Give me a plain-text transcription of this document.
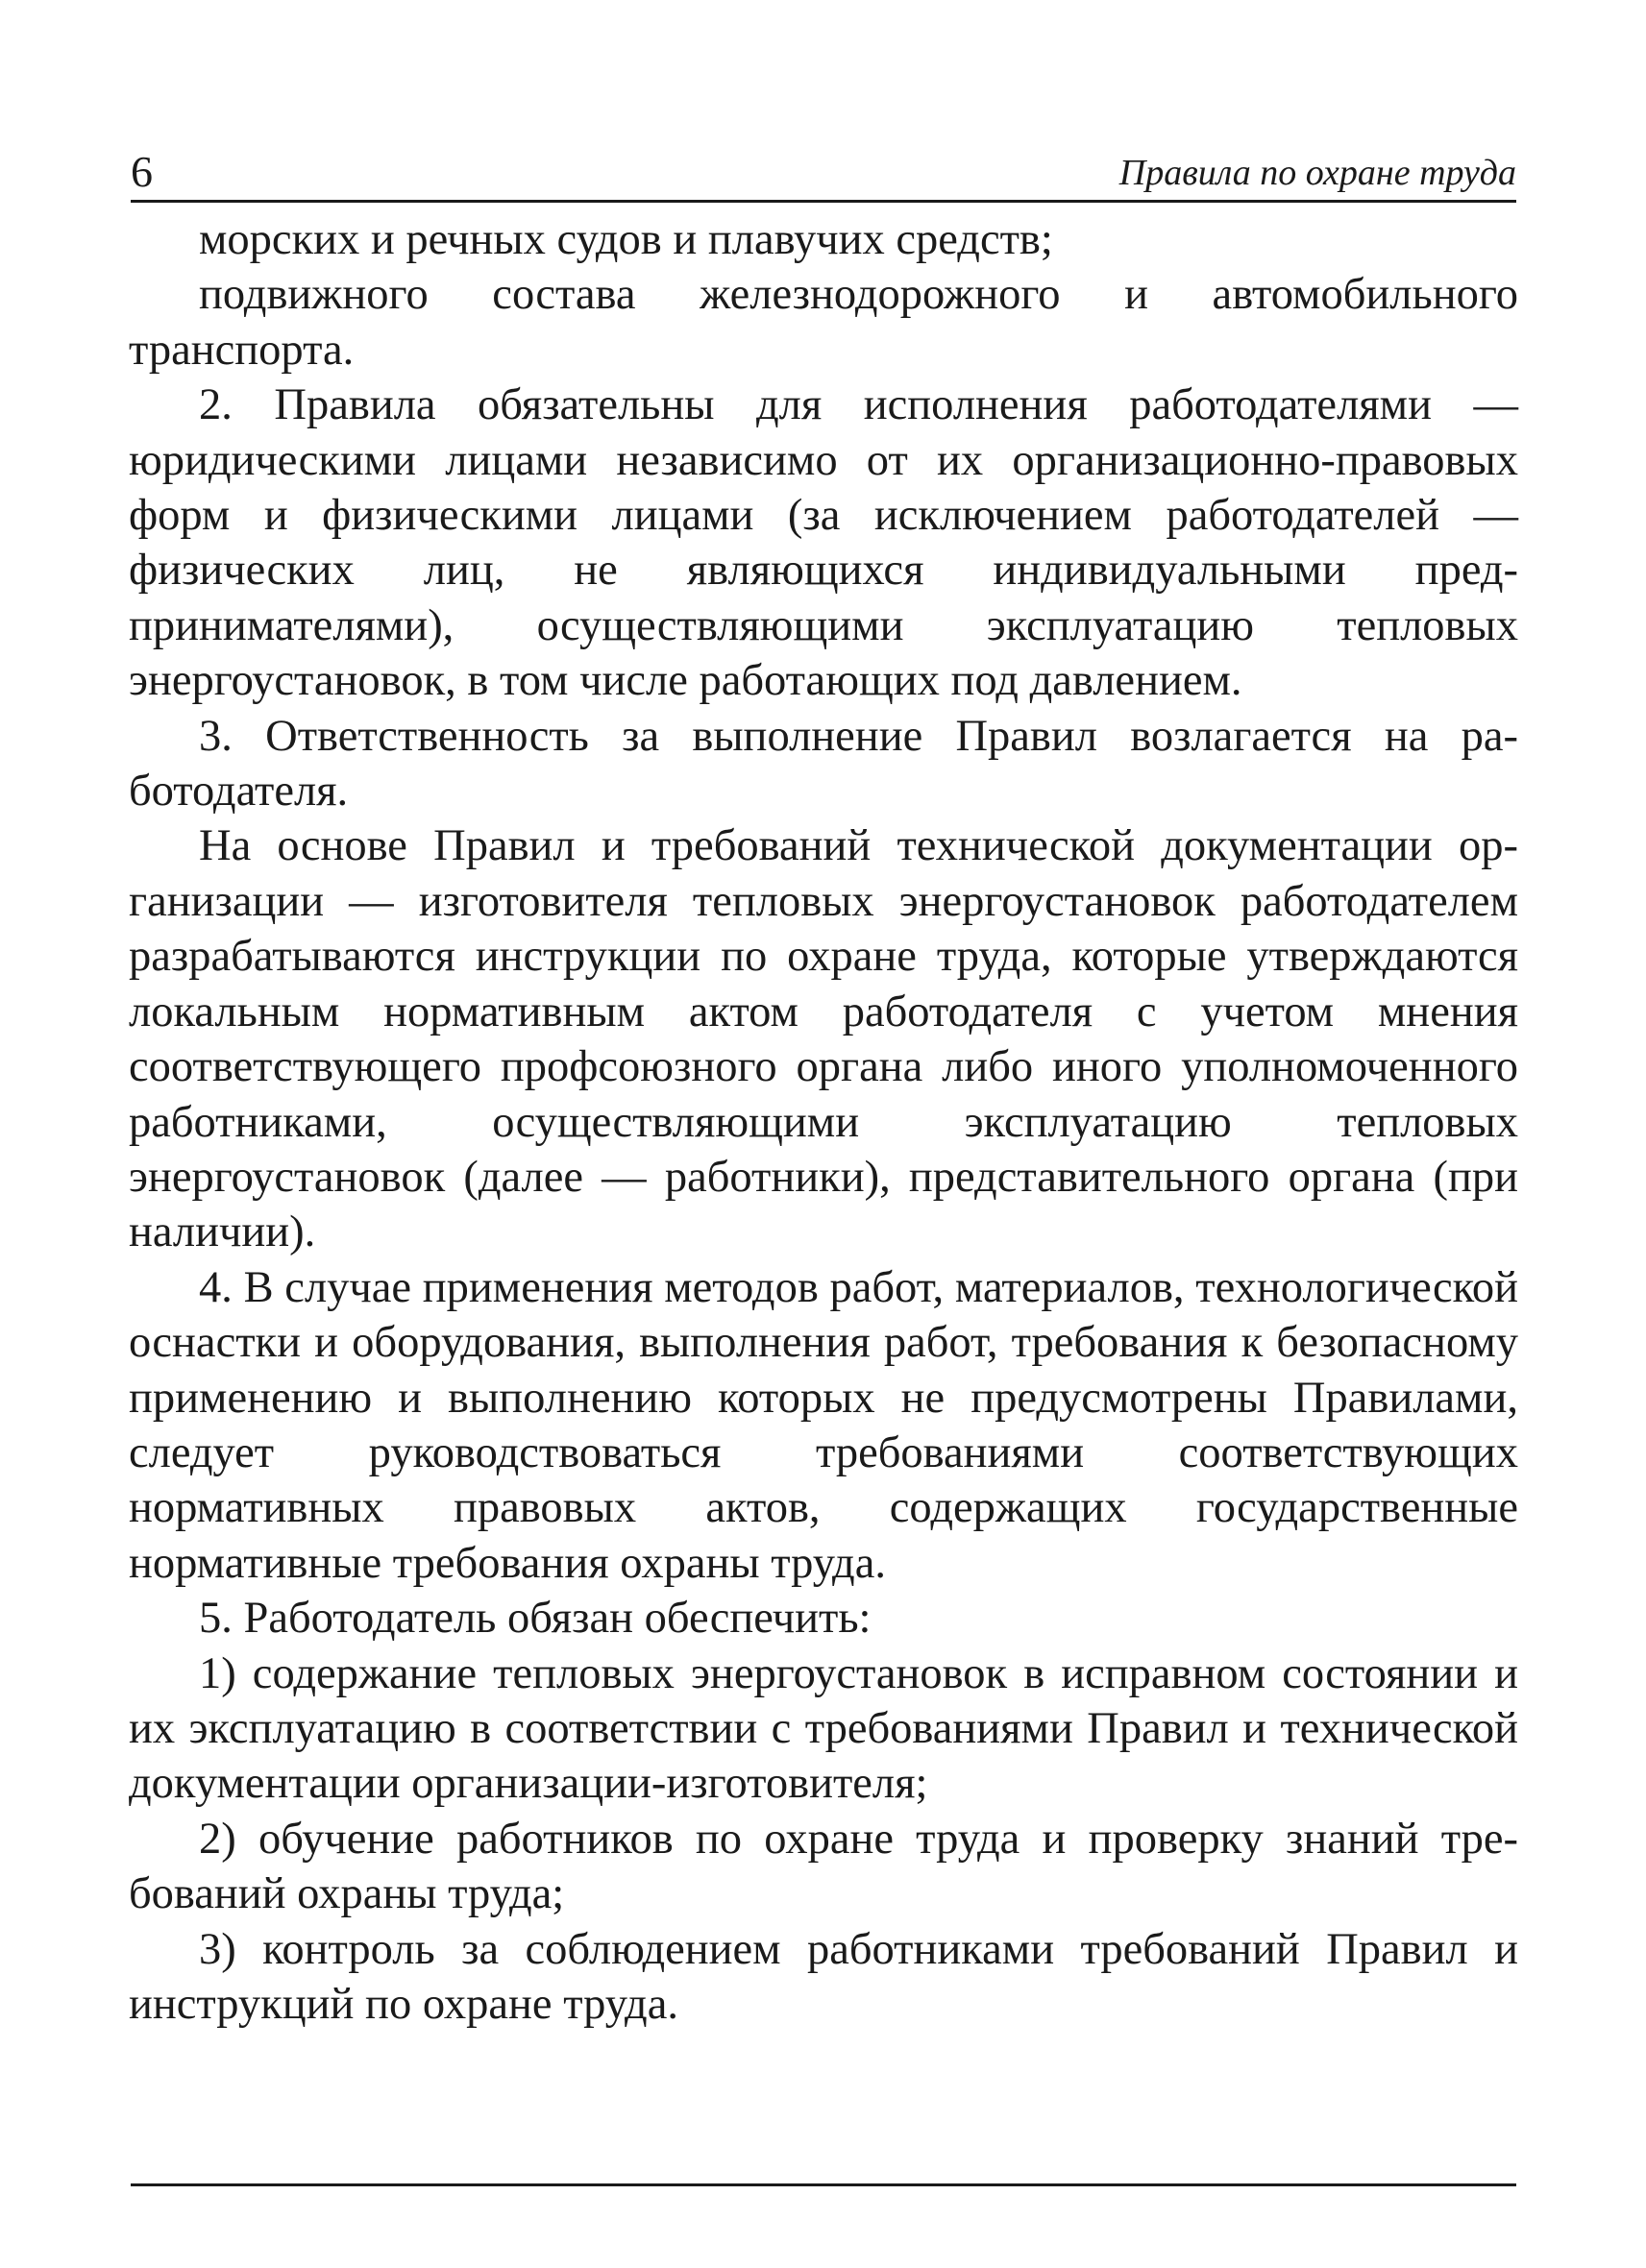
6	Правила по охране труда

морских и речных судов и плавучих средств;

подвижного состава железнодорожного и автомобильного транспорта.

2. Правила обязательны для исполнения работодателями — юридическими лицами независимо от их организационно-правовых форм и физическими лицами (за исключением работодателей — физических лиц, не являющихся индивидуальными предпринимателями), осуществляющими эксплуатацию тепловых энергоустановок, в том числе работающих под давлением.

3. Ответственность за выполнение Правил возлагается на работодателя.

На основе Правил и требований технической документации организации — изготовителя тепловых энергоустановок работодателем разрабатываются инструкции по охране труда, которые утверждаются локальным нормативным актом работодателя с учетом мнения соответствующего профсоюзного органа либо иного уполномоченного работниками, осуществляющими эксплуатацию тепловых энергоустановок (далее — работники), представительного органа (при наличии).

4. В случае применения методов работ, материалов, технологической оснастки и оборудования, выполнения работ, требования к безопасному применению и выполнению которых не предусмотрены Правилами, следует руководствоваться требованиями соответствующих нормативных правовых актов, содержащих государственные нормативные требования охраны труда.

5. Работодатель обязан обеспечить:

1) содержание тепловых энергоустановок в исправном состоянии и их эксплуатацию в соответствии с требованиями Правил и технической документации организации-изготовителя;

2) обучение работников по охране труда и проверку знаний требований охраны труда;

3) контроль за соблюдением работниками требований Правил и инструкций по охране труда.
